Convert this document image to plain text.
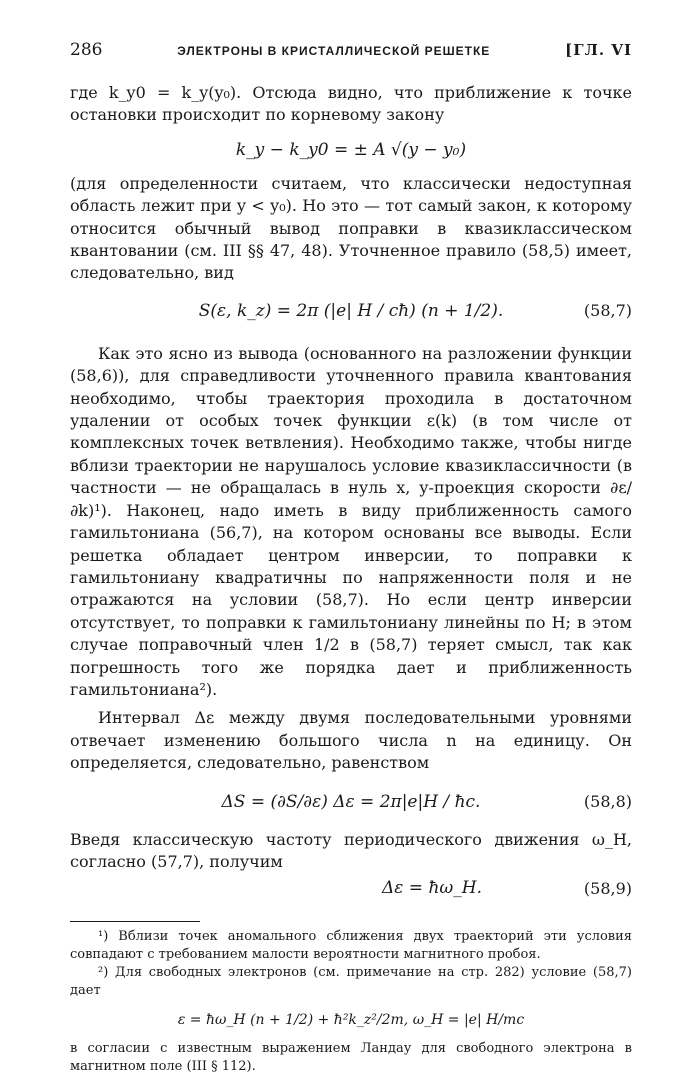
286	ЭЛЕКТРОНЫ В КРИСТАЛЛИЧЕСКОЙ РЕШЕТКЕ	[ГЛ. VI

где k_y0 = k_y(y₀). Отсюда видно, что приближение к точке остановки происходит по корневому закону

k_y − k_y0 = ± A √(y − y₀)

(для определенности считаем, что классически недоступная область лежит при y < y₀). Но это — тот самый закон, к которому относится обычный вывод поправки в квазиклассическом квантовании (см. III §§ 47, 48). Уточненное правило (58,5) имеет, следовательно, вид

S(ε, k_z) = 2π (|e| H / cħ) (n + 1/2).	(58,7)

Как это ясно из вывода (основанного на разложении функции (58,6)), для справедливости уточненного правила квантования необходимо, чтобы траектория проходила в достаточном удалении от особых точек функции ε(k) (в том числе от комплексных точек ветвления). Необходимо также, чтобы нигде вблизи траектории не нарушалось условие квазиклассичности (в частности — не обращалась в нуль x, y-проекция скорости ∂ε/∂k)¹). Наконец, надо иметь в виду приближенность самого гамильтониана (56,7), на котором основаны все выводы. Если решетка обладает центром инверсии, то поправки к гамильтониану квадратичны по напряженности поля и не отражаются на условии (58,7). Но если центр инверсии отсутствует, то поправки к гамильтониану линейны по H; в этом случае поправочный член 1/2 в (58,7) теряет смысл, так как погрешность того же порядка дает и приближенность гамильтониана²).

Интервал Δε между двумя последовательными уровнями отвечает изменению большого числа n на единицу. Он определяется, следовательно, равенством

ΔS = (∂S/∂ε) Δε = 2π|e|H / ħc.	(58,8)

Введя классическую частоту периодического движения ω_H, согласно (57,7), получим

Δε = ħω_H.	(58,9)

¹) Вблизи точек аномального сближения двух траекторий эти условия совпадают с требованием малости вероятности магнитного пробоя.

²) Для свободных электронов (см. примечание на стр. 282) условие (58,7) дает

ε = ħω_H (n + 1/2) + ħ²k_z²/2m, ω_H = |e| H/mc

в согласии с известным выражением Ландау для свободного электрона в магнитном поле (III § 112).
